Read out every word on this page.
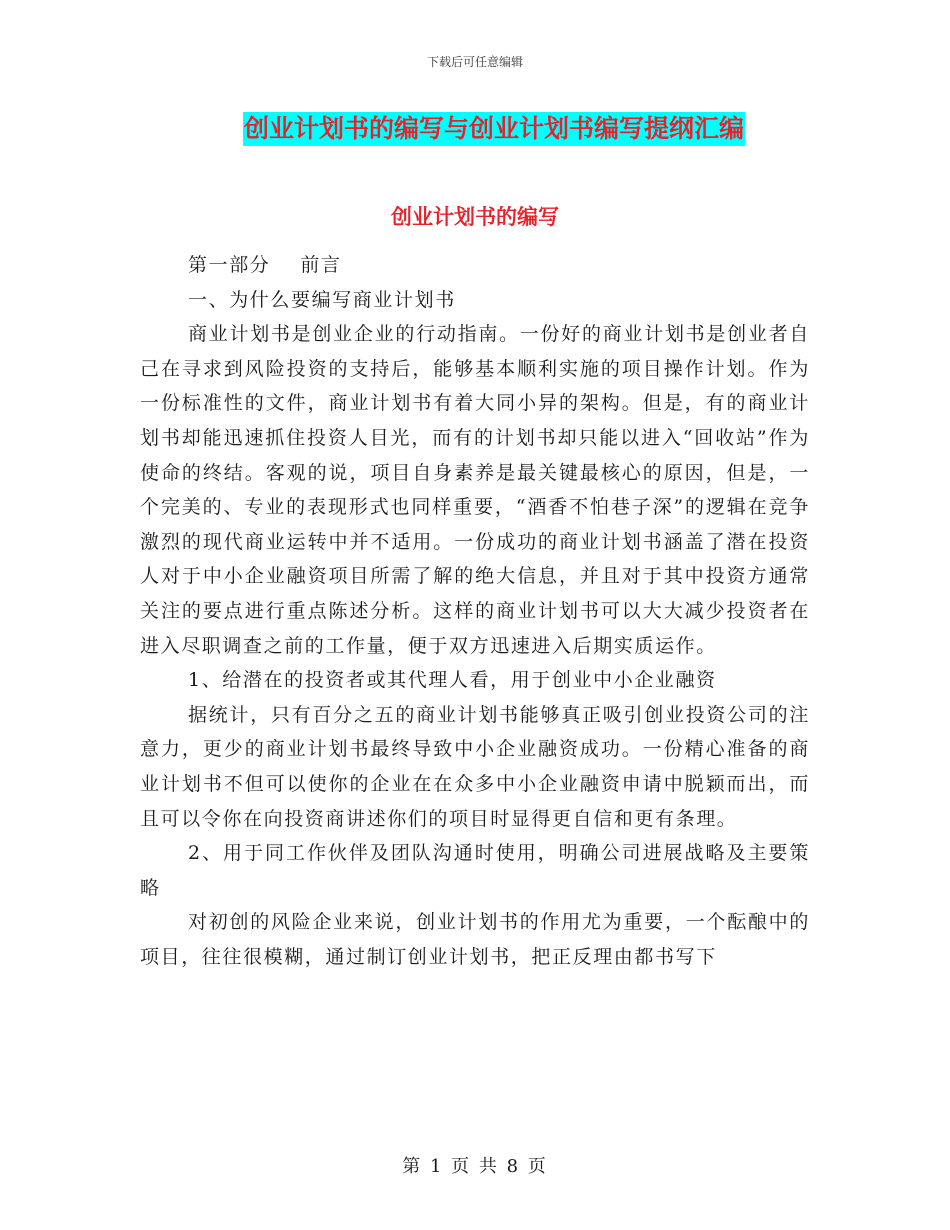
下载后可任意编辑
创业计划书的编写与创业计划书编写提纲汇编
创业计划书的编写
第一部分 前言

一、为什么要编写商业计划书

商业计划书是创业企业的行动指南。一份好的商业计划书是创业者自己在寻求到风险投资的支持后，能够基本顺利实施的项目操作计划。作为一份标准性的文件，商业计划书有着大同小异的架构。但是，有的商业计划书却能迅速抓住投资人目光，而有的计划书却只能以进入“回收站”作为使命的终结。客观的说，项目自身素养是最关键最核心的原因，但是，一个完美的、专业的表现形式也同样重要，“酒香不怕巷子深”的逻辑在竞争激烈的现代商业运转中并不适用。一份成功的商业计划书涵盖了潜在投资人对于中小企业融资项目所需了解的绝大信息，并且对于其中投资方通常关注的要点进行重点陈述分析。这样的商业计划书可以大大减少投资者在进入尽职调查之前的工作量，便于双方迅速进入后期实质运作。

1、给潜在的投资者或其代理人看，用于创业中小企业融资

据统计，只有百分之五的商业计划书能够真正吸引创业投资公司的注意力，更少的商业计划书最终导致中小企业融资成功。一份精心准备的商业计划书不但可以使你的企业在在众多中小企业融资申请中脱颖而出，而且可以令你在向投资商讲述你们的项目时显得更自信和更有条理。

2、用于同工作伙伴及团队沟通时使用，明确公司进展战略及主要策略

对初创的风险企业来说，创业计划书的作用尤为重要，一个酝酿中的项目，往往很模糊，通过制订创业计划书，把正反理由都书写下

第 1 页 共 8 页
